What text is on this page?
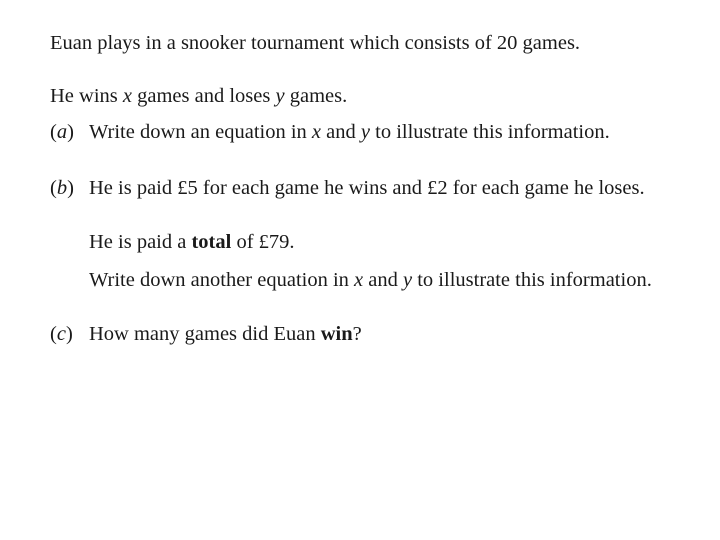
Euan plays in a snooker tournament which consists of 20 games.
He wins x games and loses y games.
(a) Write down an equation in x and y to illustrate this information.
(b) He is paid £5 for each game he wins and £2 for each game he loses.
He is paid a total of £79.
Write down another equation in x and y to illustrate this information.
(c) How many games did Euan win?
